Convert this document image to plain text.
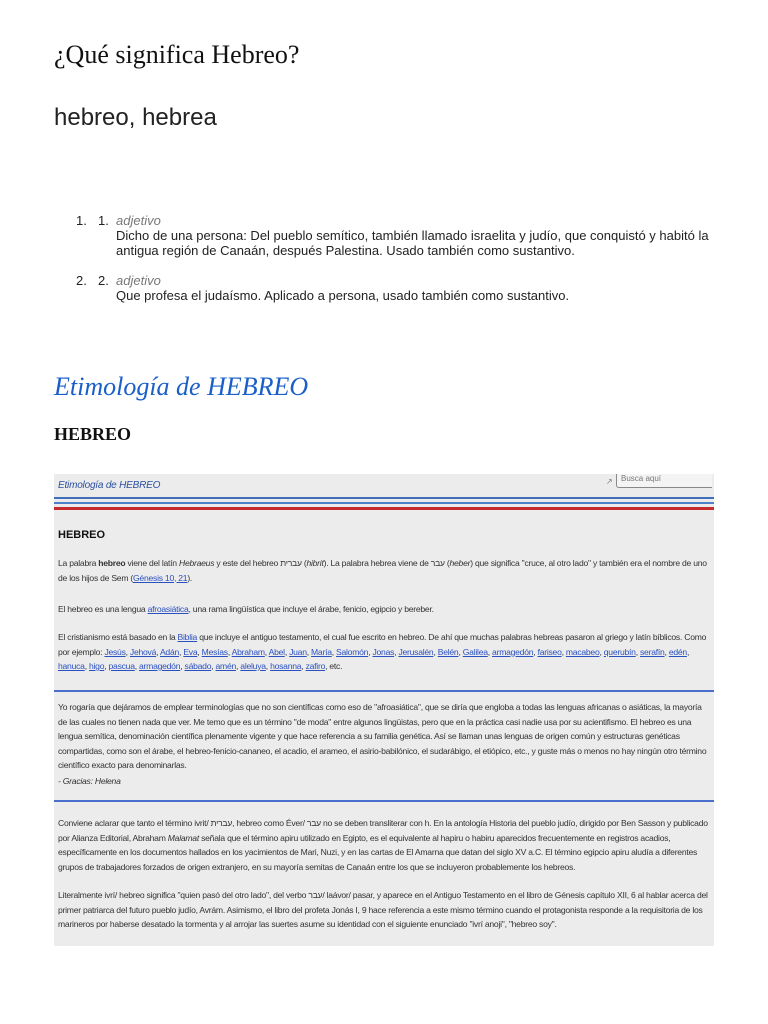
¿Qué significa Hebreo?
hebreo, hebrea
1. 1. adjetivo
Dicho de una persona: Del pueblo semítico, también llamado israelita y judío, que conquistó y habitó la antigua región de Canaán, después Palestina. Usado también como sustantivo.
2. 2. adjetivo
Que profesa el judaísmo. Aplicado a persona, usado también como sustantivo.
Etimología de HEBREO
HEBREO
Etimología de HEBREO	↗	Busca aquí
HEBREO
La palabra hebreo viene del latín Hebraeus y este del hebreo עברית (hibrit). La palabra hebrea viene de עבר (heber) que significa "cruce, al otro lado" y también era el nombre de uno de los hijos de Sem (Génesis 10, 21).
El hebreo es una lengua afroasiática, una rama lingüística que incluye el árabe, fenicio, egipcio y bereber.
El cristianismo está basado en la Biblia que incluye el antiguo testamento, el cual fue escrito en hebreo. De ahí que muchas palabras hebreas pasaron al griego y latín bíblicos. Como por ejemplo: Jesús, Jehová, Adán, Eva, Mesías, Abraham, Abel, Juan, María, Salomón, Jonas, Jerusalén, Belén, Galilea, armagedón, fariseo, macabeo, querubín, serafín, edén, hanuca, higo, pascua, armagedón, sábado, amén, aleluya, hosanna, zafiro, etc.
Yo rogaría que dejáramos de emplear terminologías que no son científicas como eso de "afroasiática", que se diría que engloba a todas las lenguas africanas o asiáticas, la mayoría de las cuales no tienen nada que ver. Me temo que es un término "de moda" entre algunos lingüistas, pero que en la práctica casi nadie usa por su acientifismo. El hebreo es una lengua semítica, denominación científica plenamente vigente y que hace referencia a su familia genética. Así se llaman unas lenguas de origen común y estructuras genéticas compartidas, como son el árabe, el hebreo-fenicio-cananeo, el acadio, el arameo, el asirio-babilónico, el sudarábigo, el etiópico, etc., y guste más o menos no hay ningún otro término científico exacto para denominarlas.
- Gracias: Helena
Conviene aclarar que tanto el término ivrit/ עברית, hebreo como Éver/ עבר no se deben transliterar con h. En la antología Historia del pueblo judío, dirigido por Ben Sasson y publicado por Alianza Editorial, Abraham Malamat señala que el término apiru utilizado en Egipto, es el equivalente al hapiru o habiru aparecidos frecuentemente en registros acadios, específicamente en los documentos hallados en los yacimientos de Mari, Nuzi, y en las cartas de El Amarna que datan del siglo XV a.C. El término egipcio apiru aludía a diferentes grupos de trabajadores forzados de origen extranjero, en su mayoría semitas de Canaán entre los que se incluyeron probablemente los hebreos.
Literalmente ivrí/ hebreo significa "quien pasó del otro lado", del verbo עבר/ laávor/ pasar, y aparece en el Antiguo Testamento en el libro de Génesis capítulo XII, 6 al hablar acerca del primer patriarca del futuro pueblo judío, Avrám. Asimismo, el libro del profeta Jonás I, 9 hace referencia a este mismo término cuando el protagonista responde a la requisitoria de los marineros por haberse desatado la tormenta y al arrojar las suertes asume su identidad con el siguiente enunciado "ivrí anoji", "hebreo soy".
